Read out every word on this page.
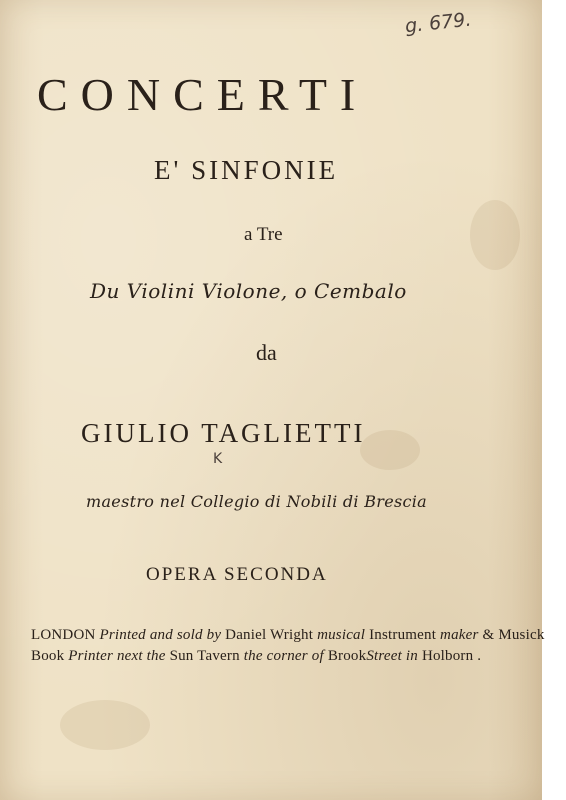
g. 679.
CONCERTI
E' SINFONIE
a Tre
Du Violini Violone, o Cembalo
da
GIULIO TAGLIETTI
K
maestro nel Collegio di Nobili di Brescia
OPERA SECONDA
LONDON Printed and sold by Daniel Wright musical Instrument maker & Musick
Book Printer next the Sun Tavern the corner of BrookStreet in Holborn .
